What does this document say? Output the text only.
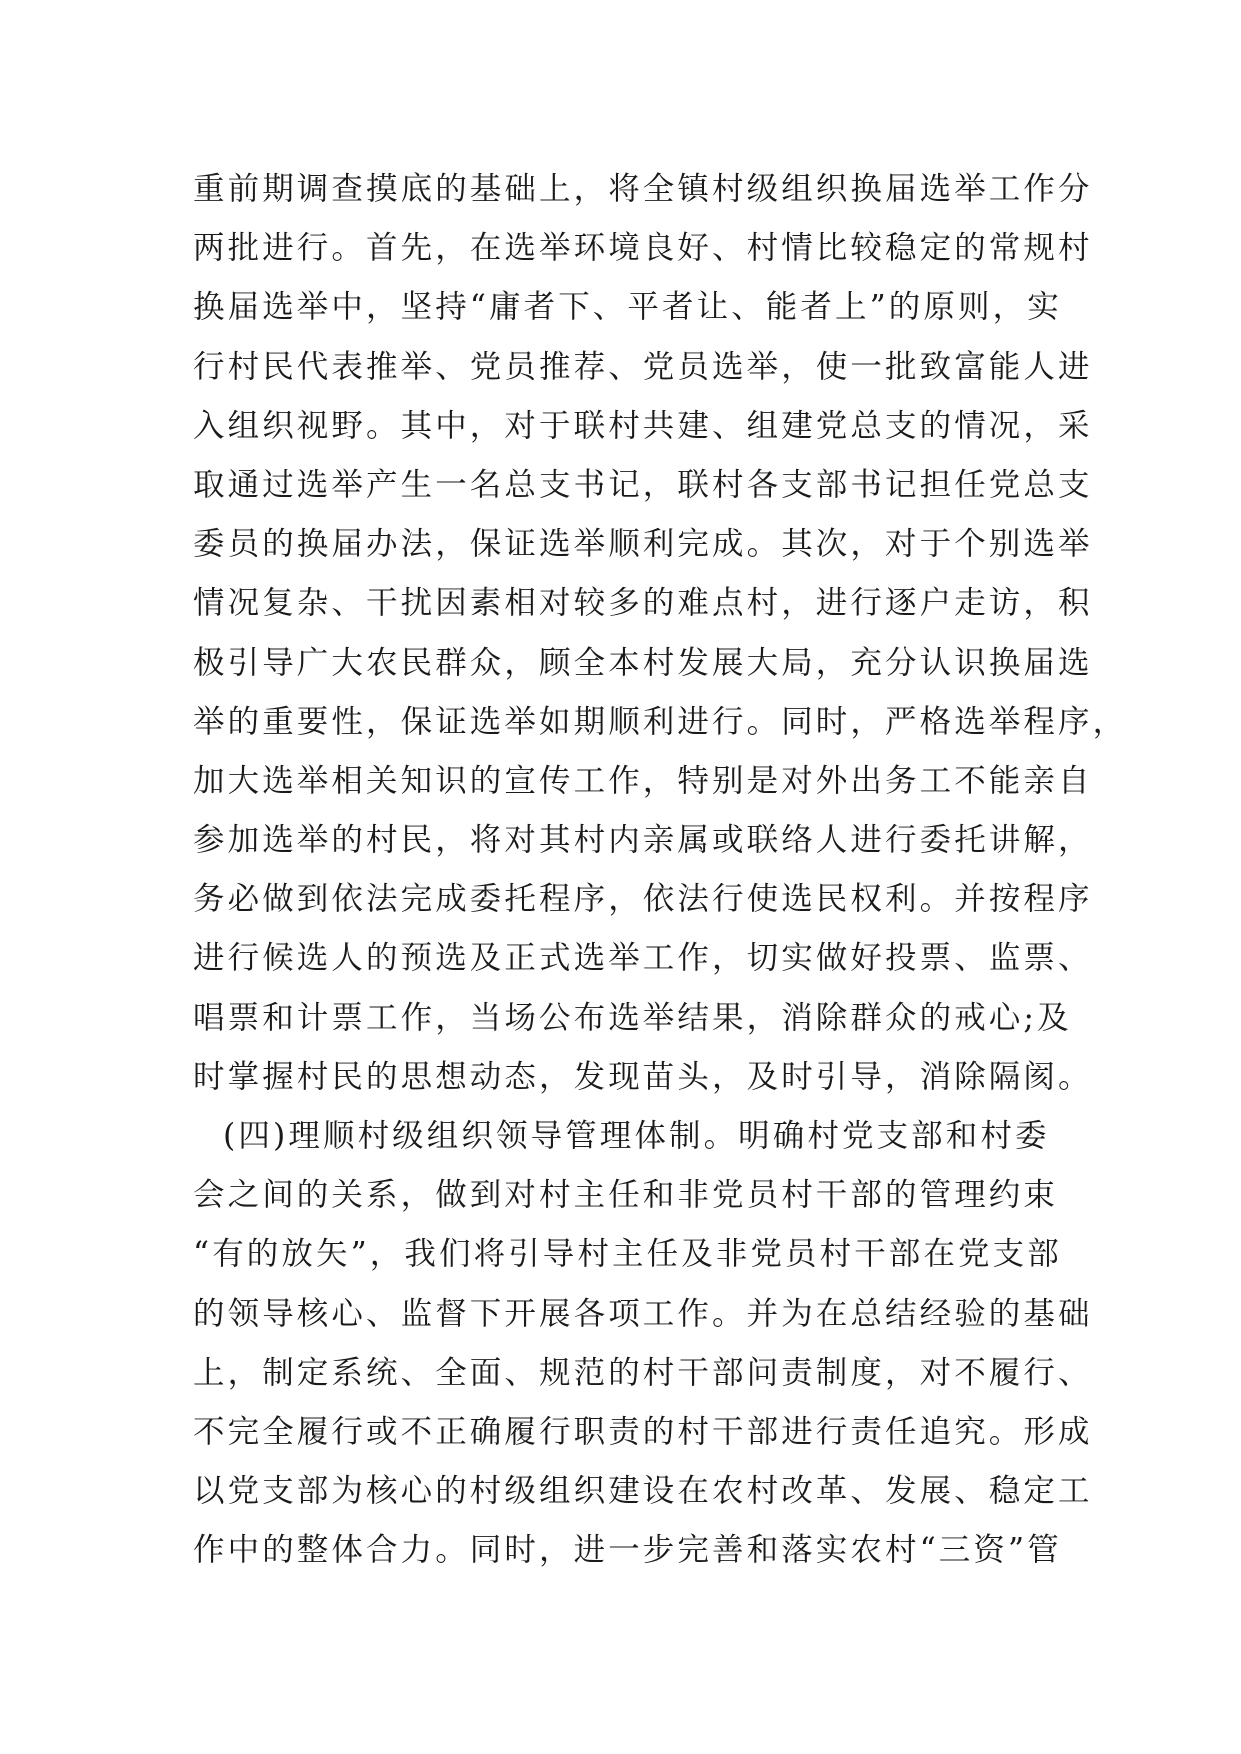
重前期调查摸底的基础上，将全镇村级组织换届选举工作分
两批进行。首先，在选举环境良好、村情比较稳定的常规村
换届选举中，坚持“庸者下、平者让、能者上”的原则，实
行村民代表推举、党员推荐、党员选举，使一批致富能人进
入组织视野。其中，对于联村共建、组建党总支的情况，采
取通过选举产生一名总支书记，联村各支部书记担任党总支
委员的换届办法，保证选举顺利完成。其次，对于个别选举
情况复杂、干扰因素相对较多的难点村，进行逐户走访，积
极引导广大农民群众，顾全本村发展大局，充分认识换届选
举的重要性，保证选举如期顺利进行。同时，严格选举程序，
加大选举相关知识的宣传工作，特别是对外出务工不能亲自
参加选举的村民，将对其村内亲属或联络人进行委托讲解，
务必做到依法完成委托程序，依法行使选民权利。并按程序
进行候选人的预选及正式选举工作，切实做好投票、监票、
唱票和计票工作，当场公布选举结果，消除群众的戒心;及
时掌握村民的思想动态，发现苗头，及时引导，消除隔阂。
(四)理顺村级组织领导管理体制。明确村党支部和村委
会之间的关系，做到对村主任和非党员村干部的管理约束
“有的放矢”，我们将引导村主任及非党员村干部在党支部
的领导核心、监督下开展各项工作。并为在总结经验的基础
上，制定系统、全面、规范的村干部问责制度，对不履行、
不完全履行或不正确履行职责的村干部进行责任追究。形成
以党支部为核心的村级组织建设在农村改革、发展、稳定工
作中的整体合力。同时，进一步完善和落实农村“三资”管
